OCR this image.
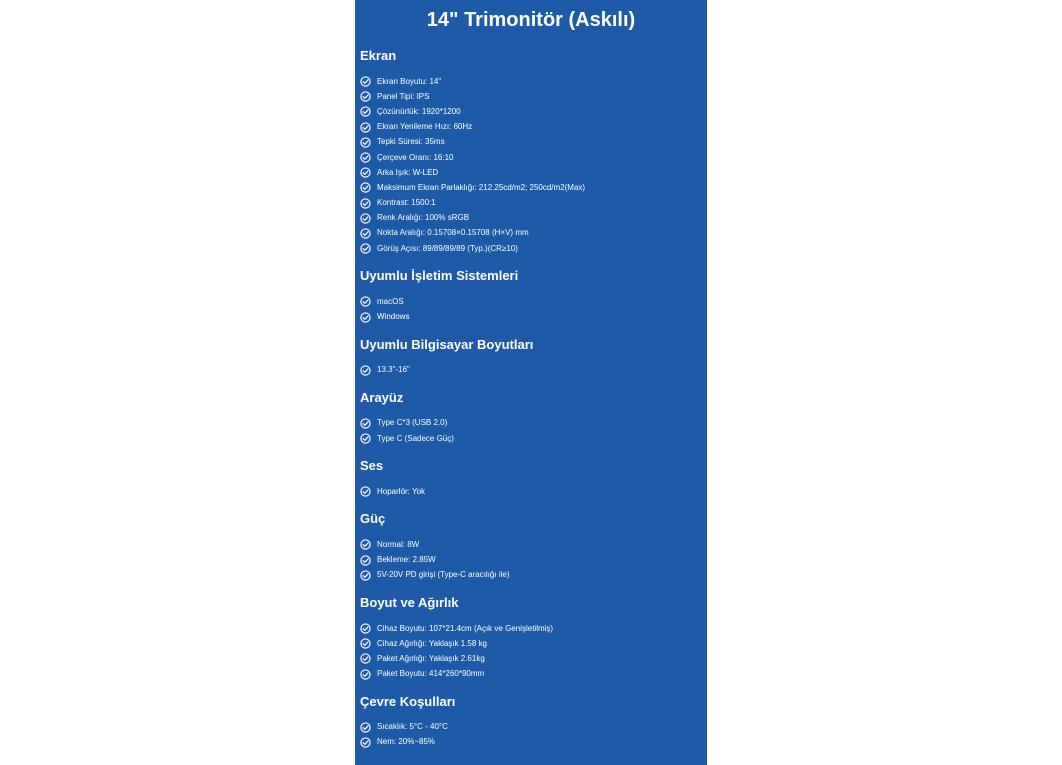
14" Trimonitör (Askılı)
Ekran
Ekran Boyutu: 14"
Panel Tipi: IPS
Çözünürlük: 1920*1200
Ekran Yenileme Hızı: 60Hz
Tepki Süresi: 35ms
Çerçeve Oranı: 16:10
Arka Işık: W-LED
Maksimum Ekran Parlaklığı: 212.25cd/m2; 250cd/m2(Max)
Kontrast: 1500:1
Renk Aralığı: 100% sRGB
Nokta Aralığı: 0.15708×0.15708 (H×V) mm
Görüş Açısı: 89/89/89/89 (Typ.)(CR≥10)
Uyumlu İşletim Sistemleri
macOS
Windows
Uyumlu Bilgisayar Boyutları
13.3"-16"
Arayüz
Type C*3 (USB 2.0)
Type C (Sadece Güç)
Ses
Hoparlör: Yok
Güç
Normal: 8W
Bekleme: 2.85W
5V-20V PD girişi (Type-C aracılığı ile)
Boyut ve Ağırlık
Cihaz Boyutu: 107*21.4cm (Açık ve Genişletilmiş)
Cihaz Ağırlığı: Yaklaşık 1.58 kg
Paket Ağırlığı: Yaklaşık 2.61kg
Paket Boyutu: 414*260*90mm
Çevre Koşulları
Sıcaklık: 5°C - 40°C
Nem: 20%~85%
